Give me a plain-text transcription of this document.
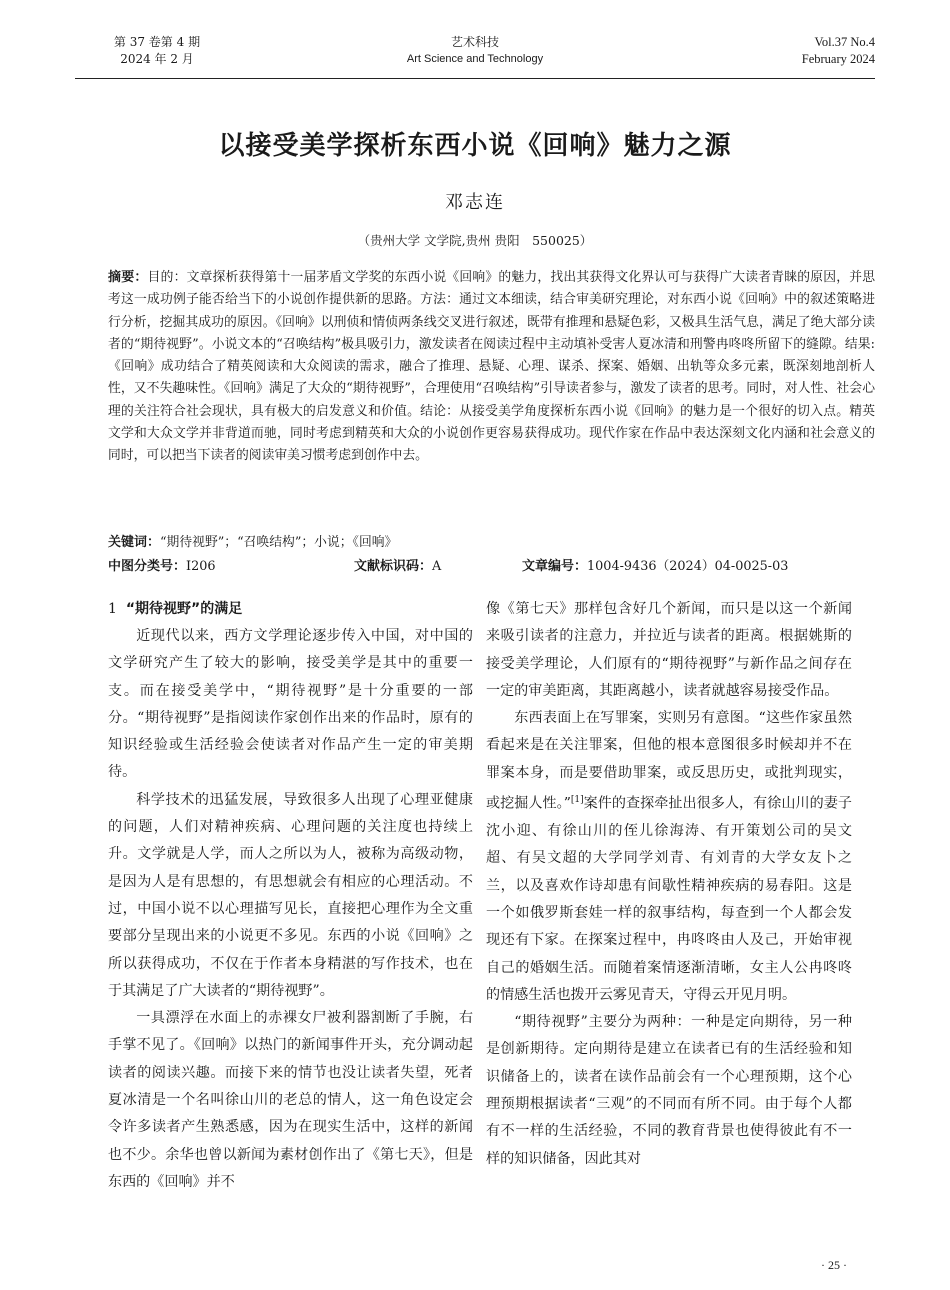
第 37 卷第 4 期
2024 年 2 月
艺术科技
Art Science and Technology
Vol.37 No.4
February 2024
以接受美学探析东西小说《回响》魅力之源
邓志连
（贵州大学 文学院,贵州 贵阳　550025）
摘要：目的：文章探析获得第十一届茅盾文学奖的东西小说《回响》的魅力，找出其获得文化界认可与获得广大读者青睐的原因，并思考这一成功例子能否给当下的小说创作提供新的思路。方法：通过文本细读，结合审美研究理论，对东西小说《回响》中的叙述策略进行分析，挖掘其成功的原因。《回响》以刑侦和情侦两条线交叉进行叙述，既带有推理和悬疑色彩，又极具生活气息，满足了绝大部分读者的“期待视野”。小说文本的“召唤结构”极具吸引力，激发读者在阅读过程中主动填补受害人夏冰清和刑警冉咚咚所留下的缝隙。结果:《回响》成功结合了精英阅读和大众阅读的需求，融合了推理、悬疑、心理、谋杀、探案、婚姻、出轨等众多元素，既深刻地剖析人性，又不失趣味性。《回响》满足了大众的“期待视野”，合理使用“召唤结构”引导读者参与，激发了读者的思考。同时，对人性、社会心理的关注符合社会现状，具有极大的启发意义和价值。结论：从接受美学角度探析东西小说《回响》的魅力是一个很好的切入点。精英文学和大众文学并非背道而驰，同时考虑到精英和大众的小说创作更容易获得成功。现代作家在作品中表达深刻文化内涵和社会意义的同时，可以把当下读者的阅读审美习惯考虑到创作中去。
关键词：“期待视野”；“召唤结构”；小说；《回响》
中图分类号：I206	文献标识码：A	文章编号：1004-9436（2024）04-0025-03
1 “期待视野”的满足

近现代以来，西方文学理论逐步传入中国，对中国的文学研究产生了较大的影响，接受美学是其中的重要一支。而在接受美学中，“期待视野”是十分重要的一部分。“期待视野”是指阅读作家创作出来的作品时，原有的知识经验或生活经验会使读者对作品产生一定的审美期待。

科学技术的迅猛发展，导致很多人出现了心理亚健康的问题，人们对精神疾病、心理问题的关注度也持续上升。文学就是人学，而人之所以为人，被称为高级动物，是因为人是有思想的，有思想就会有相应的心理活动。不过，中国小说不以心理描写见长，直接把心理作为全文重要部分呈现出来的小说更不多见。东西的小说《回响》之所以获得成功，不仅在于作者本身精湛的写作技术，也在于其满足了广大读者的“期待视野”。

一具漂浮在水面上的赤裸女尸被利器割断了手腕，右手掌不见了。《回响》以热门的新闻事件开头，充分调动起读者的阅读兴趣。而接下来的情节也没让读者失望，死者夏冰清是一个名叫徐山川的老总的情人，这一角色设定会令许多读者产生熟悉感，因为在现实生活中，这样的新闻也不少。余华也曾以新闻为素材创作出了《第七天》，但是东西的《回响》并不

像《第七天》那样包含好几个新闻，而只是以这一个新闻来吸引读者的注意力，并拉近与读者的距离。根据姚斯的接受美学理论，人们原有的“期待视野”与新作品之间存在一定的审美距离，其距离越小，读者就越容易接受作品。

东西表面上在写罪案，实则另有意图。“这些作家虽然看起来是在关注罪案，但他的根本意图很多时候却并不在罪案本身，而是要借助罪案，或反思历史，或批判现实，或挖掘人性。”[1]案件的查探牵扯出很多人，有徐山川的妻子沈小迎、有徐山川的侄儿徐海涛、有开策划公司的吴文超、有吴文超的大学同学刘青、有刘青的大学女友卜之兰，以及喜欢作诗却患有间歇性精神疾病的易春阳。这是一个如俄罗斯套娃一样的叙事结构，每查到一个人都会发现还有下家。在探案过程中，冉咚咚由人及己，开始审视自己的婚姻生活。而随着案情逐渐清晰，女主人公冉咚咚的情感生活也拨开云雾见青天，守得云开见月明。

“期待视野”主要分为两种：一种是定向期待，另一种是创新期待。定向期待是建立在读者已有的生活经验和知识储备上的，读者在读作品前会有一个心理预期，这个心理预期根据读者“三观”的不同而有所不同。由于每个人都有不一样的生活经验，不同的教育背景也使得彼此有不一样的知识储备，因此其对

· 25 ·
